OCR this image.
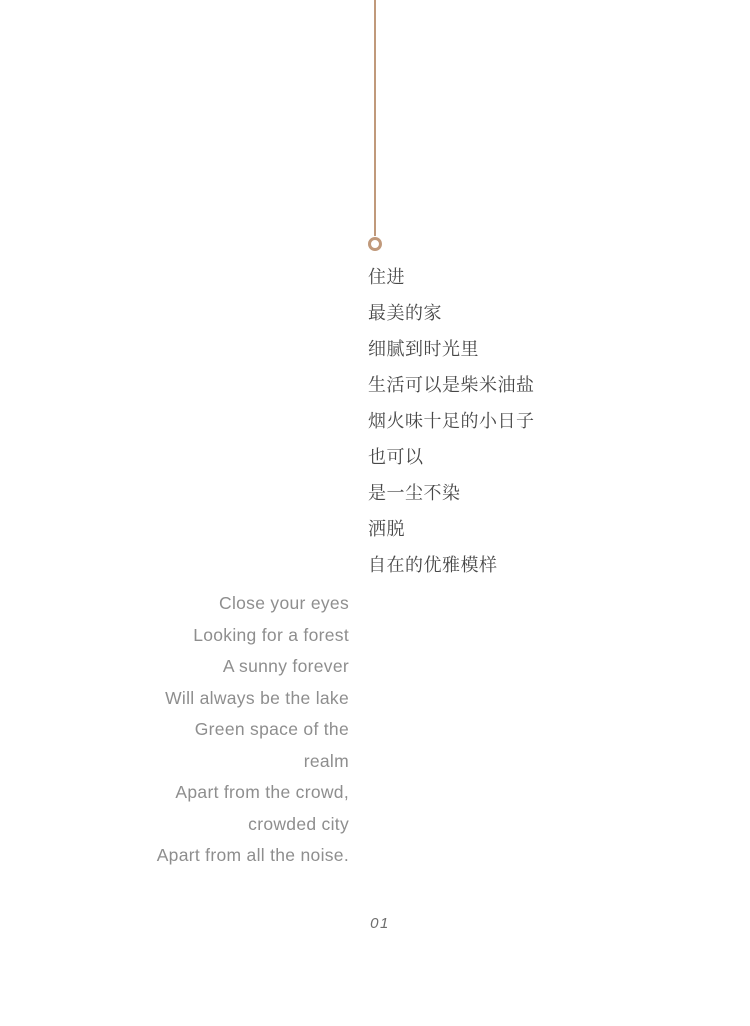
住进
最美的家
细腻到时光里
生活可以是柴米油盐
烟火味十足的小日子
也可以
是一尘不染
洒脱
自在的优雅模样
Close your eyes
Looking for a forest
A sunny forever
Will always be the lake
Green space of the
realm
Apart from the crowd,
crowded city
Apart from all the noise.
01
